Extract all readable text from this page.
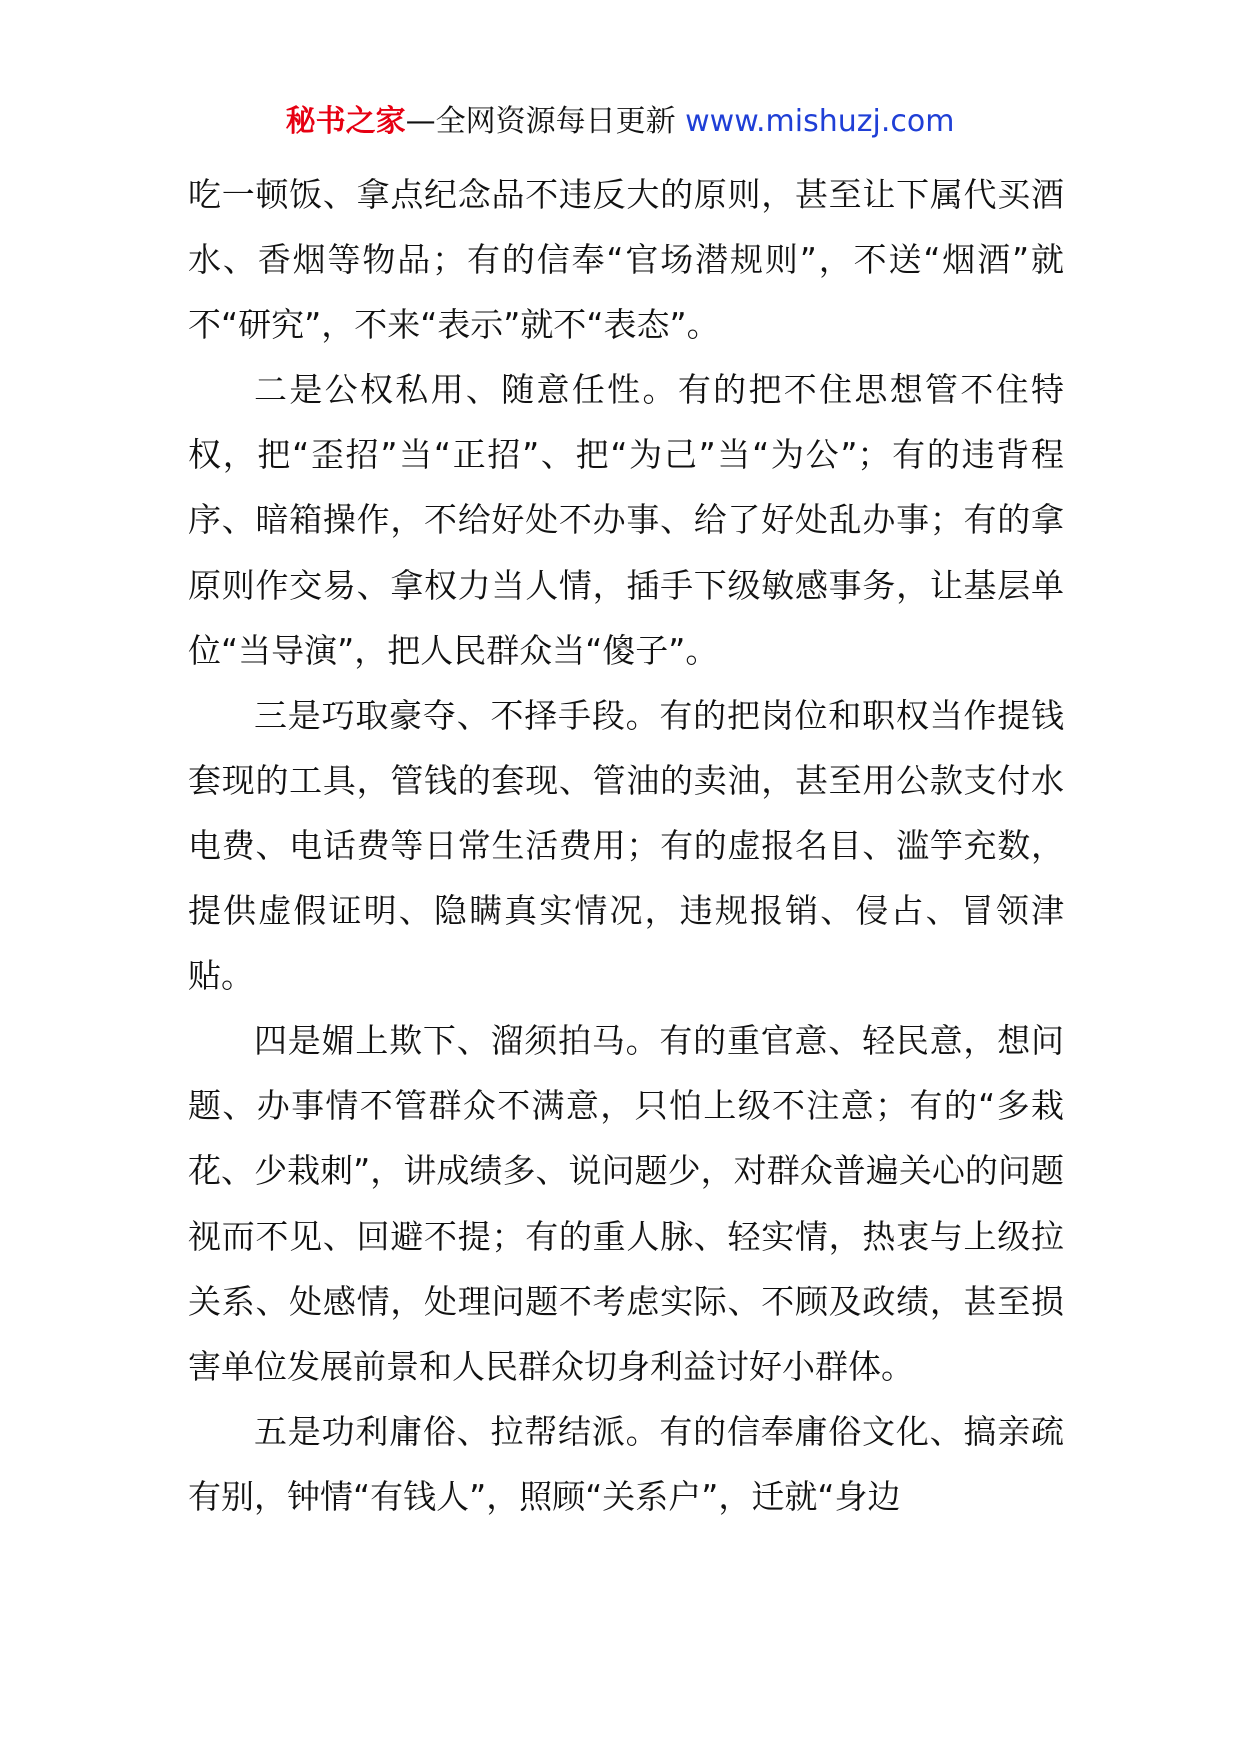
秘书之家—全网资源每日更新 www.mishuzj.com

吃一顿饭、拿点纪念品不违反大的原则，甚至让下属代买酒水、香烟等物品；有的信奉“官场潜规则”，不送“烟酒”就不“研究”，不来“表示”就不“表态”。

二是公权私用、随意任性。有的把不住思想管不住特权，把“歪招”当“正招”、把“为己”当“为公”；有的违背程序、暗箱操作，不给好处不办事、给了好处乱办事；有的拿原则作交易、拿权力当人情，插手下级敏感事务，让基层单位“当导演”，把人民群众当“傻子”。

三是巧取豪夺、不择手段。有的把岗位和职权当作提钱套现的工具，管钱的套现、管油的卖油，甚至用公款支付水电费、电话费等日常生活费用；有的虚报名目、滥竽充数，提供虚假证明、隐瞒真实情况，违规报销、侵占、冒领津贴。

四是媚上欺下、溜须拍马。有的重官意、轻民意，想问题、办事情不管群众不满意，只怕上级不注意；有的“多栽花、少栽刺”，讲成绩多、说问题少，对群众普遍关心的问题视而不见、回避不提；有的重人脉、轻实情，热衷与上级拉关系、处感情，处理问题不考虑实际、不顾及政绩，甚至损害单位发展前景和人民群众切身利益讨好小群体。

五是功利庸俗、拉帮结派。有的信奉庸俗文化、搞亲疏有别，钟情“有钱人”，照顾“关系户”，迁就“身边
